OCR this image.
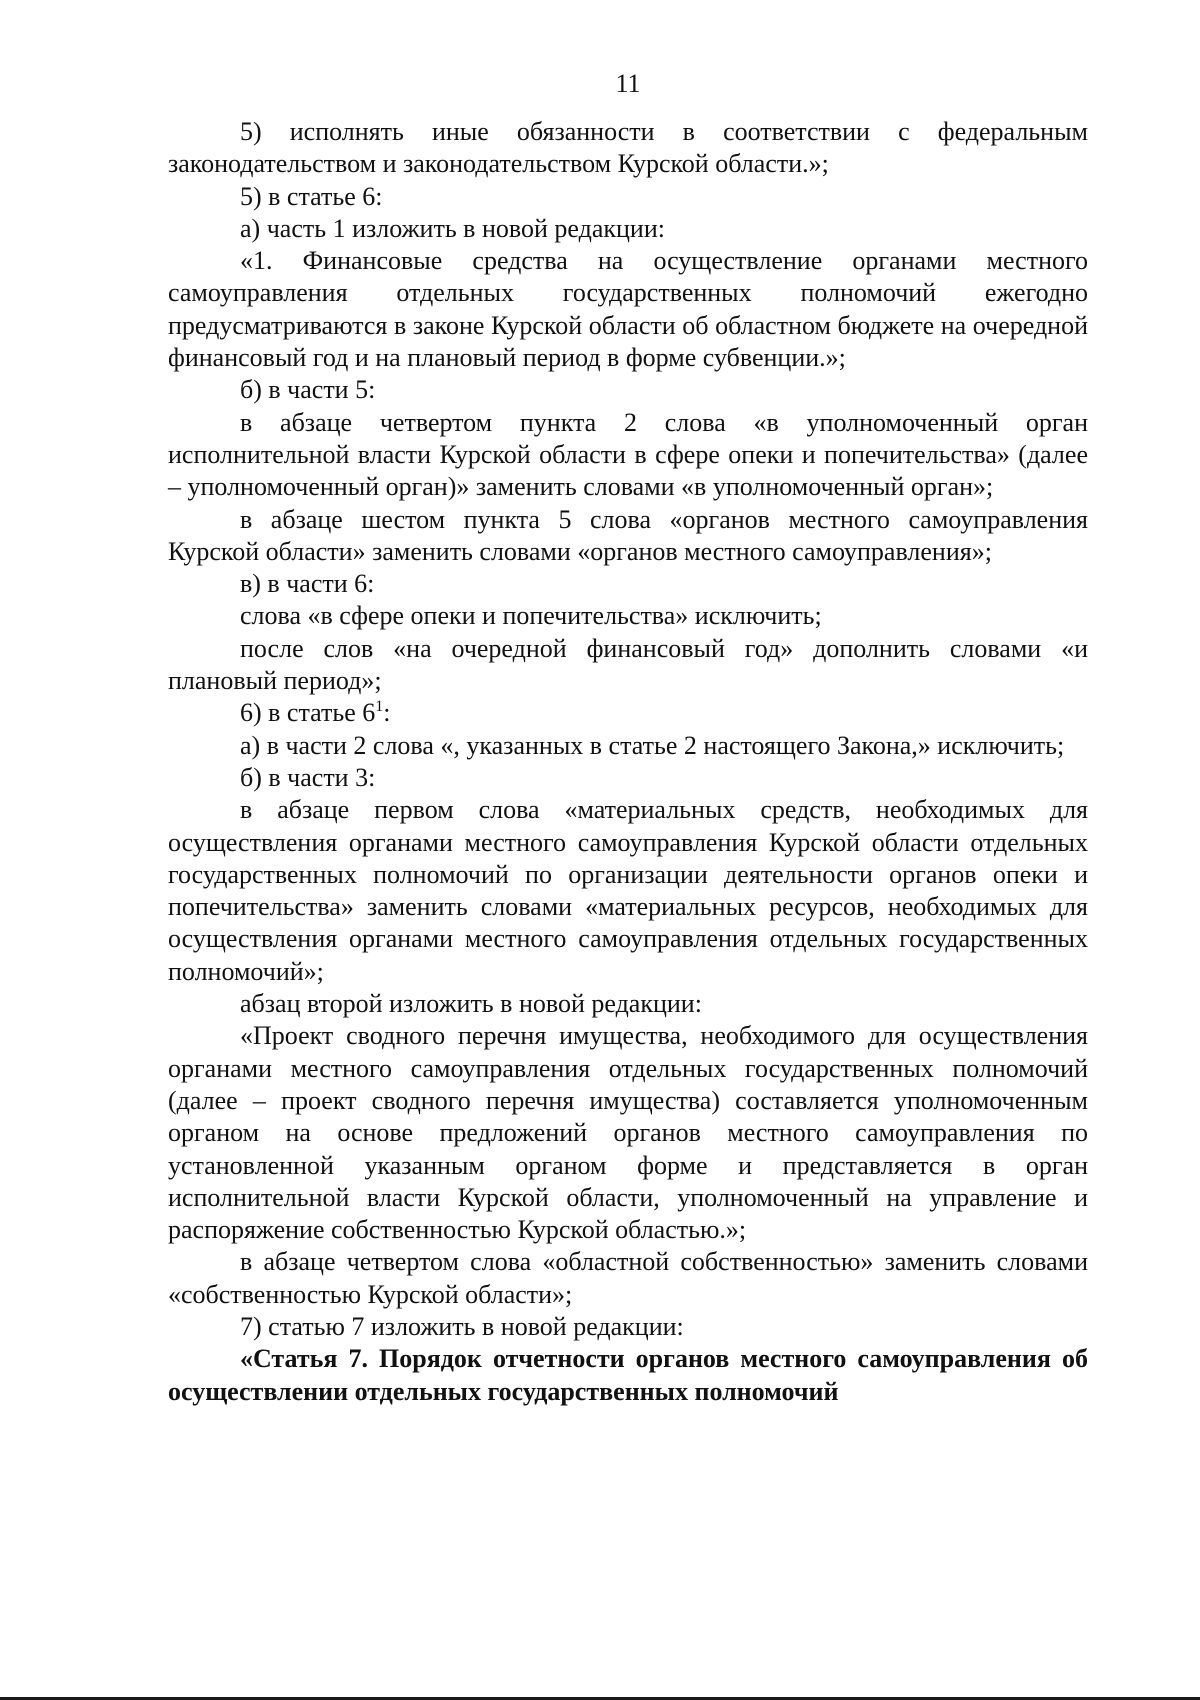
11

5) исполнять иные обязанности в соответствии с федеральным законодательством и законодательством Курской области.»;

5) в статье 6:

а) часть 1 изложить в новой редакции:

«1. Финансовые средства на осуществление органами местного самоуправления отдельных государственных полномочий ежегодно предусматриваются в законе Курской области об областном бюджете на очередной финансовый год и на плановый период в форме субвенции.»;

б) в части 5:

в абзаце четвертом пункта 2 слова «в уполномоченный орган исполнительной власти Курской области в сфере опеки и попечительства» (далее – уполномоченный орган)» заменить словами «в уполномоченный орган»;

в абзаце шестом пункта 5 слова «органов местного самоуправления Курской области» заменить словами «органов местного самоуправления»;

в) в части 6:

слова «в сфере опеки и попечительства» исключить;

после слов «на очередной финансовый год» дополнить словами «и плановый период»;

6) в статье $6^1$:

а) в части 2 слова «, указанных в статье 2 настоящего Закона,» исключить;

б) в части 3:

в абзаце первом слова «материальных средств, необходимых для осуществления органами местного самоуправления Курской области отдельных государственных полномочий по организации деятельности органов опеки и попечительства» заменить словами «материальных ресурсов, необходимых для осуществления органами местного самоуправления отдельных государственных полномочий»;

абзац второй изложить в новой редакции:

«Проект сводного перечня имущества, необходимого для осуществления органами местного самоуправления отдельных государственных полномочий (далее – проект сводного перечня имущества) составляется уполномоченным органом на основе предложений органов местного самоуправления по установленной указанным органом форме и представляется в орган исполнительной власти Курской области, уполномоченный на управление и распоряжение собственностью Курской областью.»;

в абзаце четвертом слова «областной собственностью» заменить словами «собственностью Курской области»;

7) статью 7 изложить в новой редакции:

«Статья 7. Порядок отчетности органов местного самоуправления об осуществлении отдельных государственных полномочий
